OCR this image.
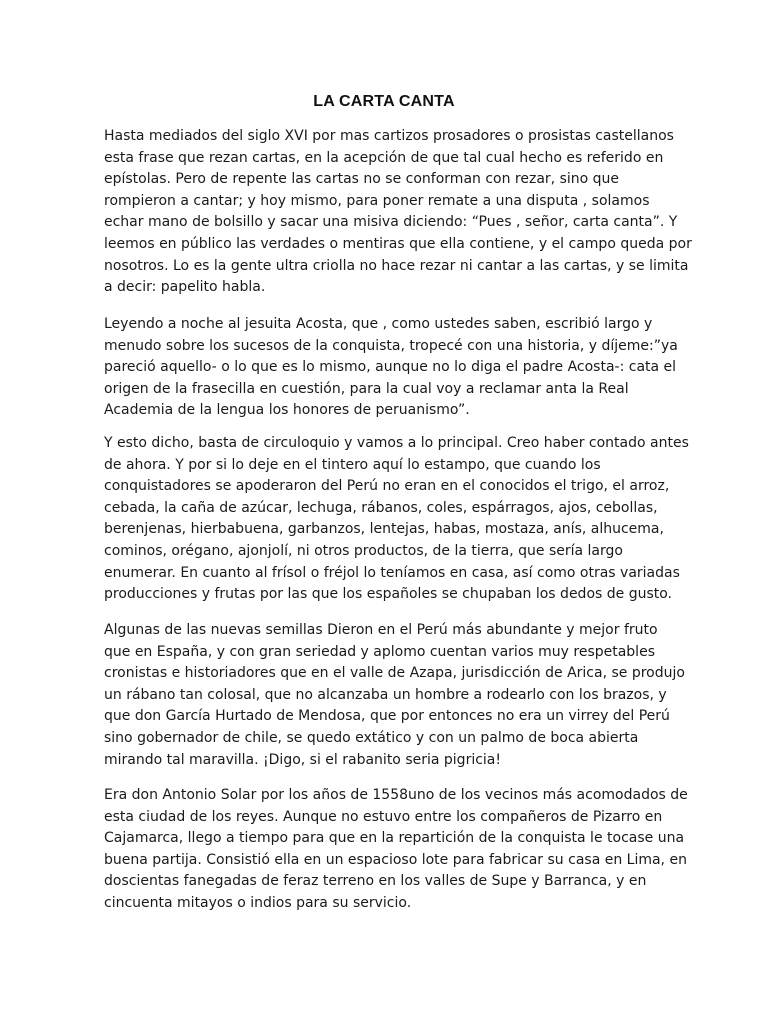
LA CARTA CANTA

Hasta mediados del siglo XVI por mas cartizos prosadores o prosistas castellanos
esta frase que rezan cartas, en la acepción de que tal cual hecho es referido en
epístolas. Pero de repente las cartas no se conforman con rezar, sino que
rompieron a cantar; y hoy mismo, para poner remate a una disputa , solamos
echar mano de bolsillo y sacar una misiva diciendo: “Pues , señor, carta canta”. Y
leemos en público las verdades o mentiras que ella contiene, y el campo queda por
nosotros. Lo es la gente ultra criolla no hace rezar ni cantar a las cartas, y se limita
a decir: papelito habla.

Leyendo a noche al jesuita Acosta, que , como ustedes saben, escribió largo y
menudo sobre los sucesos de la conquista, tropecé con una historia, y díjeme:”ya
pareció aquello- o lo que es lo mismo, aunque no lo diga el padre Acosta-: cata el
origen de la frasecilla en cuestión, para la cual voy a reclamar anta la Real
Academia de la lengua los honores de peruanismo”.

Y esto dicho, basta de circuloquio y vamos a lo principal. Creo haber contado antes
de ahora. Y por si lo deje en el tintero aquí lo estampo, que cuando los
conquistadores se apoderaron del Perú no eran en el conocidos el trigo, el arroz,
cebada, la caña de azúcar, lechuga, rábanos, coles, espárragos, ajos, cebollas,
berenjenas, hierbabuena, garbanzos, lentejas, habas, mostaza, anís, alhucema,
cominos, orégano, ajonjolí, ni otros productos, de la tierra, que sería largo
enumerar. En cuanto al frísol o fréjol lo teníamos en casa, así como otras variadas
producciones y frutas por las que los españoles se chupaban los dedos de gusto.

Algunas de las nuevas semillas Dieron en el Perú más abundante y mejor fruto
que en España, y con gran seriedad y aplomo cuentan varios muy respetables
cronistas e historiadores que en el valle de Azapa, jurisdicción de Arica, se produjo
un rábano tan colosal, que no alcanzaba un hombre a rodearlo con los brazos, y
que don García Hurtado de Mendosa, que por entonces no era un virrey del Perú
sino gobernador de chile, se quedo extático y con un palmo de boca abierta
mirando tal maravilla. ¡Digo, si el rabanito seria pigricia!

Era don Antonio Solar por los años de 1558uno de los vecinos más acomodados de
esta ciudad de los reyes. Aunque no estuvo entre los compañeros de Pizarro en
Cajamarca, llego a tiempo para que en la repartición de la conquista le tocase una
buena partija. Consistió ella en un espacioso lote para fabricar su casa en Lima, en
doscientas fanegadas de feraz terreno en los valles de Supe y Barranca, y en
cincuenta mitayos o indios para su servicio.
